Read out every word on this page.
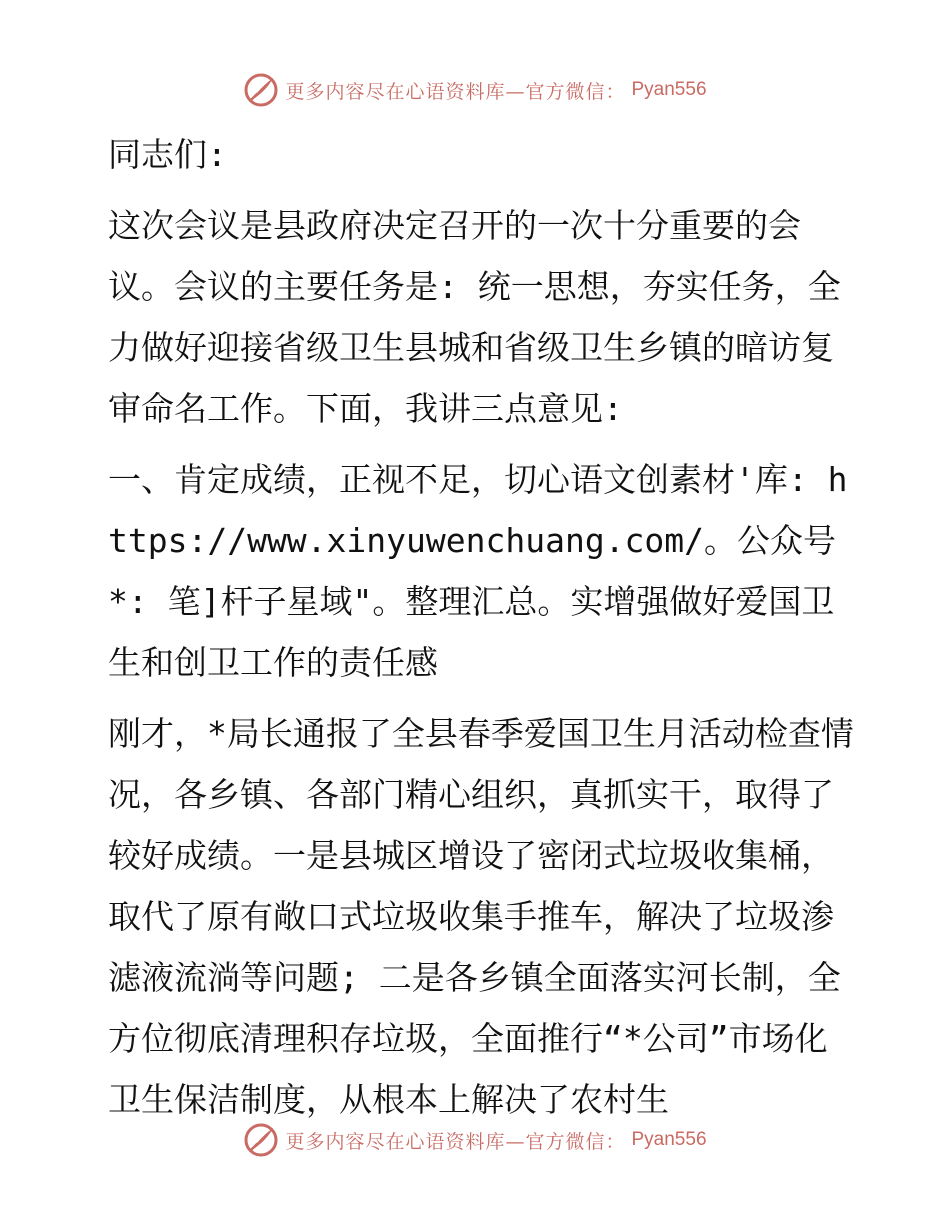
更多内容尽在心语资料库—官方微信： Pyan556

同志们:

这次会议是县政府决定召开的一次十分重要的会议。会议的主要任务是: 统一思想，夯实任务，全力做好迎接省级卫生县城和省级卫生乡镇的暗访复审命名工作。下面，我讲三点意见:

一、肯定成绩，正视不足，切心语文创素材'库: https://www.xinyuwenchuang.com/。公众号*: 笔]杆子星域"。整理汇总。实增强做好爱国卫生和创卫工作的责任感

刚才，*局长通报了全县春季爱国卫生月活动检查情况，各乡镇、各部门精心组织，真抓实干，取得了较好成绩。一是县城区增设了密闭式垃圾收集桶，取代了原有敞口式垃圾收集手推车，解决了垃圾渗滤液流淌等问题; 二是各乡镇全面落实河长制，全方位彻底清理积存垃圾，全面推行“*公司”市场化卫生保洁制度，从根本上解决了农村生

更多内容尽在心语资料库—官方微信： Pyan556
